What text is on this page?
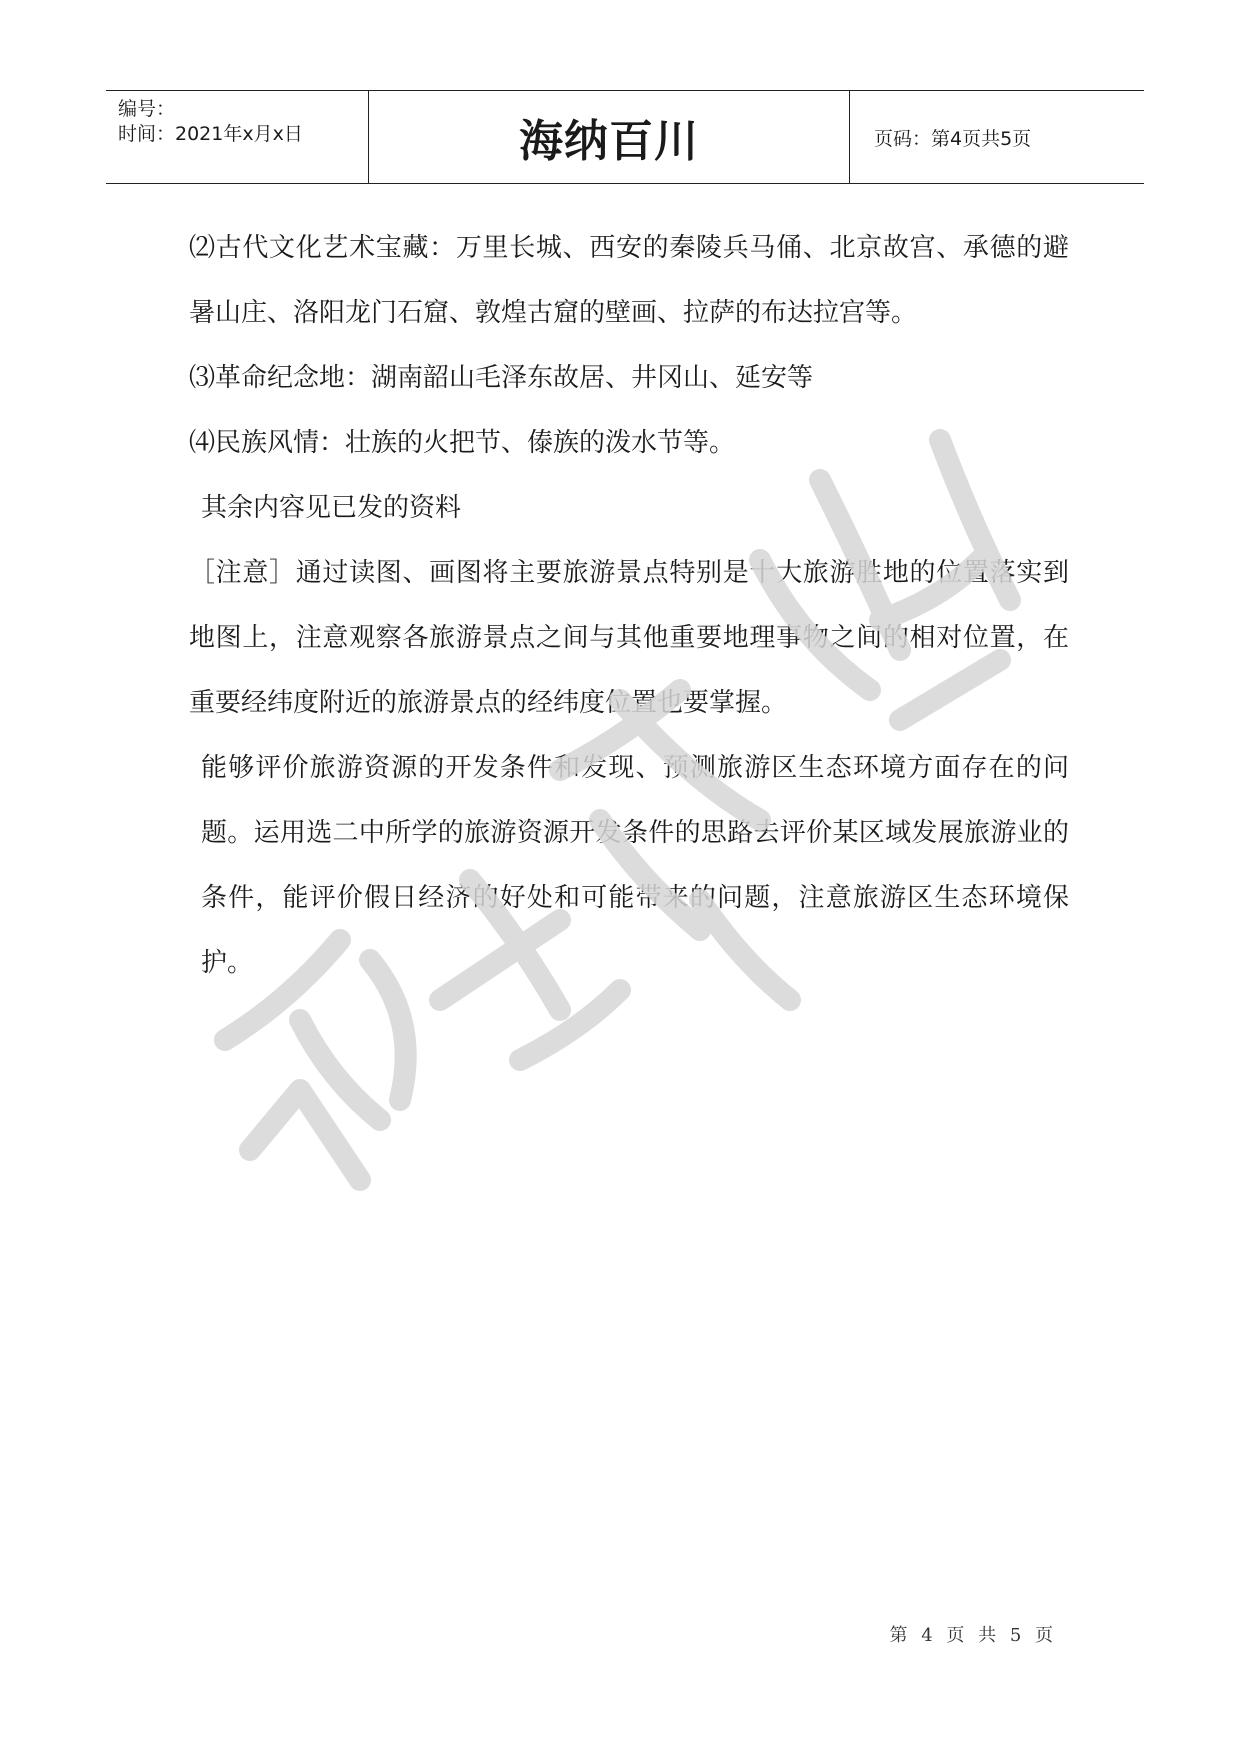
编号：
时间：2021年x月x日	海纳百川	页码：第4页共5页

⑵古代文化艺术宝藏：万里长城、西安的秦陵兵马俑、北京故宫、承德的避暑山庄、洛阳龙门石窟、敦煌古窟的壁画、拉萨的布达拉宫等。

⑶革命纪念地：湖南韶山毛泽东故居、井冈山、延安等

⑷民族风情：壮族的火把节、傣族的泼水节等。

其余内容见已发的资料

［注意］通过读图、画图将主要旅游景点特别是十大旅游胜地的位置落实到地图上，注意观察各旅游景点之间与其他重要地理事物之间的相对位置，在重要经纬度附近的旅游景点的经纬度位置也要掌握。

能够评价旅游资源的开发条件和发现、预测旅游区生态环境方面存在的问题。运用选二中所学的旅游资源开发条件的思路去评价某区域发展旅游业的条件，能评价假日经济的好处和可能带来的问题，注意旅游区生态环境保护。

第 4 页 共 5 页
